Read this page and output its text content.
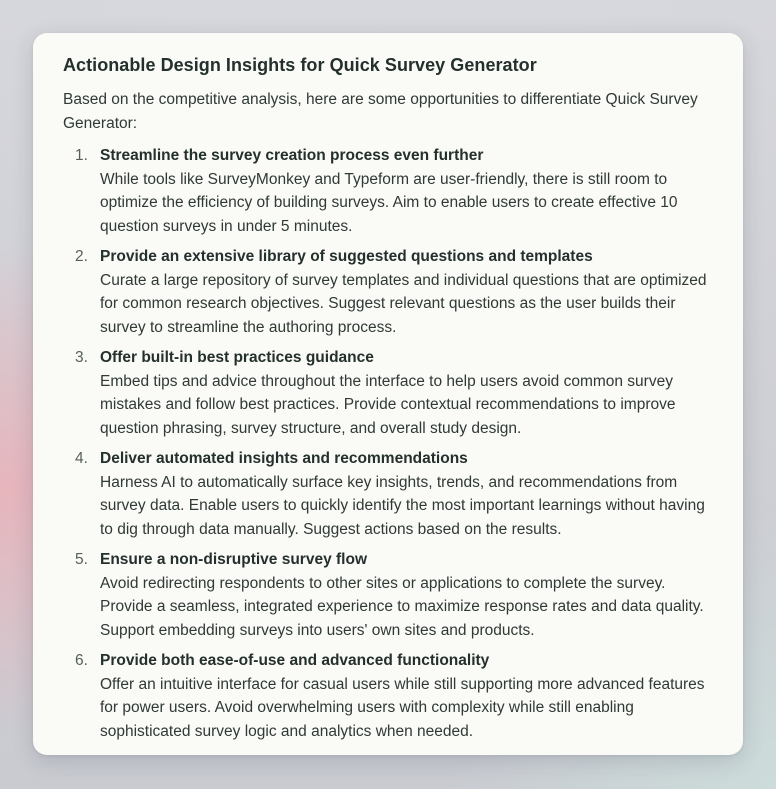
Actionable Design Insights for Quick Survey Generator

Based on the competitive analysis, here are some opportunities to differentiate Quick Survey Generator:

1. Streamline the survey creation process even further
While tools like SurveyMonkey and Typeform are user-friendly, there is still room to optimize the efficiency of building surveys. Aim to enable users to create effective 10 question surveys in under 5 minutes.
2. Provide an extensive library of suggested questions and templates
Curate a large repository of survey templates and individual questions that are optimized for common research objectives. Suggest relevant questions as the user builds their survey to streamline the authoring process.
3. Offer built-in best practices guidance
Embed tips and advice throughout the interface to help users avoid common survey mistakes and follow best practices. Provide contextual recommendations to improve question phrasing, survey structure, and overall study design.
4. Deliver automated insights and recommendations
Harness AI to automatically surface key insights, trends, and recommendations from survey data. Enable users to quickly identify the most important learnings without having to dig through data manually. Suggest actions based on the results.
5. Ensure a non-disruptive survey flow
Avoid redirecting respondents to other sites or applications to complete the survey. Provide a seamless, integrated experience to maximize response rates and data quality. Support embedding surveys into users' own sites and products.
6. Provide both ease-of-use and advanced functionality
Offer an intuitive interface for casual users while still supporting more advanced features for power users. Avoid overwhelming users with complexity while still enabling sophisticated survey logic and analytics when needed.
